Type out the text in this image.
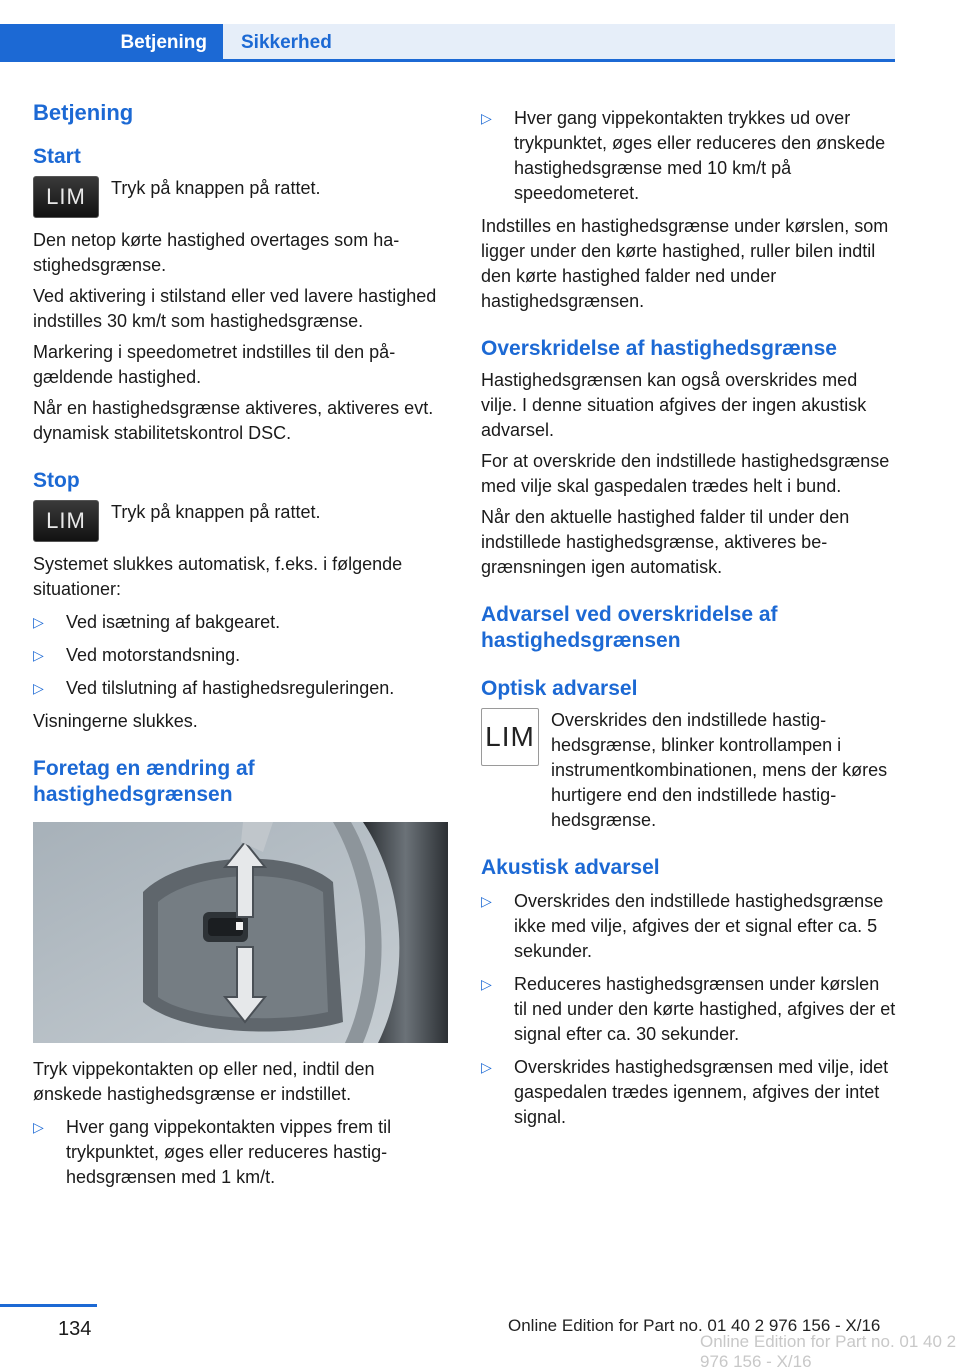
Betjening	Sikkerhed
Betjening
Start
LIM	Tryk på knappen på rattet.

Den netop kørte hastighed overtages som hastighedsgrænse.

Ved aktivering i stilstand eller ved lavere hastighed indstilles 30 km/t som hastighedsgrænse.

Markering i speedometret indstilles til den pågældende hastighed.

Når en hastighedsgrænse aktiveres, aktiveres evt. dynamisk stabilitetskontrol DSC.

Stop
LIM	Tryk på knappen på rattet.

Systemet slukkes automatisk, f.eks. i følgende situationer:

▷ Ved isætning af bakgearet.
▷ Ved motorstandsning.
▷ Ved tilslutning af hastighedsreguleringen.

Visningerne slukkes.

Foretag en ændring af hastighedsgrænsen

Tryk vippekontakten op eller ned, indtil den ønskede hastighedsgrænse er indstillet.

▷ Hver gang vippekontakten vippes frem til trykpunktet, øges eller reduceres hastighedsgrænsen med 1 km/t.
▷ Hver gang vippekontakten trykkes ud over trykpunktet, øges eller reduceres den ønskede hastighedsgrænse med 10 km/t på speedometeret.

Indstilles en hastighedsgrænse under kørslen, som ligger under den kørte hastighed, ruller bilen indtil den kørte hastighed falder ned under hastighedsgrænsen.

Overskridelse af hastighedsgrænse

Hastighedsgrænsen kan også overskrides med vilje. I denne situation afgives der ingen akustisk advarsel.

For at overskride den indstillede hastighedsgrænse med vilje skal gaspedalen trædes helt i bund.

Når den aktuelle hastighed falder til under den indstillede hastighedsgrænse, aktiveres begrænsningen igen automatisk.

Advarsel ved overskridelse af hastighedsgrænsen
Optisk advarsel
LIM

Overskrides den indstillede hastighedsgrænse, blinker kontrollampen i instrumentkombinationen, mens der køres hurtigere end den indstillede hastighedsgrænse.

Akustisk advarsel
▷ Overskrides den indstillede hastighedsgrænse ikke med vilje, afgives der et signal efter ca. 5 sekunder.
▷ Reduceres hastighedsgrænsen under kørslen til ned under den kørte hastighed, afgives der et signal efter ca. 30 sekunder.
▷ Overskrides hastighedsgrænsen med vilje, idet gaspedalen trædes igennem, afgives der intet signal.
134	Online Edition for Part no. 01 40 2 976 156 - X/16
Online Edition for Part no. 01 40 2 976 156 - X/16
